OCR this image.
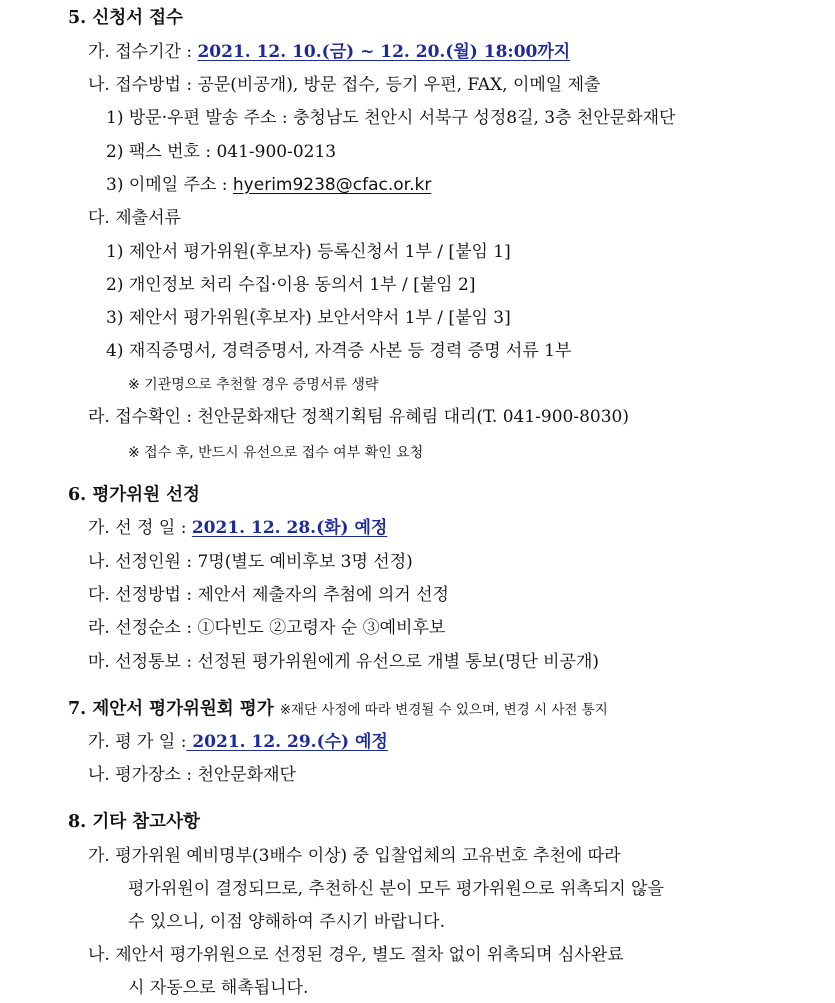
5. 신청서 접수
가. 접수기간 : 2021. 12. 10.(금) ~ 12. 20.(월) 18:00까지
나. 접수방법 : 공문(비공개), 방문 접수, 등기 우편, FAX, 이메일 제출
1) 방문·우편 발송 주소 : 충청남도 천안시 서북구 성정8길, 3층 천안문화재단
2) 팩스 번호 : 041-900-0213
3) 이메일 주소 : hyerim9238@cfac.or.kr
다. 제출서류
1) 제안서 평가위원(후보자) 등록신청서 1부 / [붙임 1]
2) 개인정보 처리 수집·이용 동의서 1부 / [붙임 2]
3) 제안서 평가위원(후보자) 보안서약서 1부 / [붙임 3]
4) 재직증명서, 경력증명서, 자격증 사본 등 경력 증명 서류 1부
※ 기관명으로 추천할 경우 증명서류 생략
라. 접수확인 : 천안문화재단 정책기획팀 유혜림 대리(T. 041-900-8030)
※ 접수 후, 반드시 유선으로 접수 여부 확인 요청
6. 평가위원 선정
가. 선 정 일 : 2021. 12. 28.(화) 예정
나. 선정인원 : 7명(별도 예비후보 3명 선정)
다. 선정방법 : 제안서 제출자의 추첨에 의거 선정
라. 선정순소 : ①다빈도 ②고령자 순 ③예비후보
마. 선정통보 : 선정된 평가위원에게 유선으로 개별 통보(명단 비공개)
7. 제안서 평가위원회 평가 ※재단 사정에 따라 변경될 수 있으며, 변경 시 사전 통지
가. 평 가 일 : 2021. 12. 29.(수) 예정
나. 평가장소 : 천안문화재단
8. 기타 참고사항
가. 평가위원 예비명부(3배수 이상) 중 입찰업체의 고유번호 추천에 따라
평가위원이 결정되므로, 추천하신 분이 모두 평가위원으로 위촉되지 않을
수 있으니, 이점 양해하여 주시기 바랍니다.
나. 제안서 평가위원으로 선정된 경우, 별도 절차 없이 위촉되며 심사완료
시 자동으로 해촉됩니다.
